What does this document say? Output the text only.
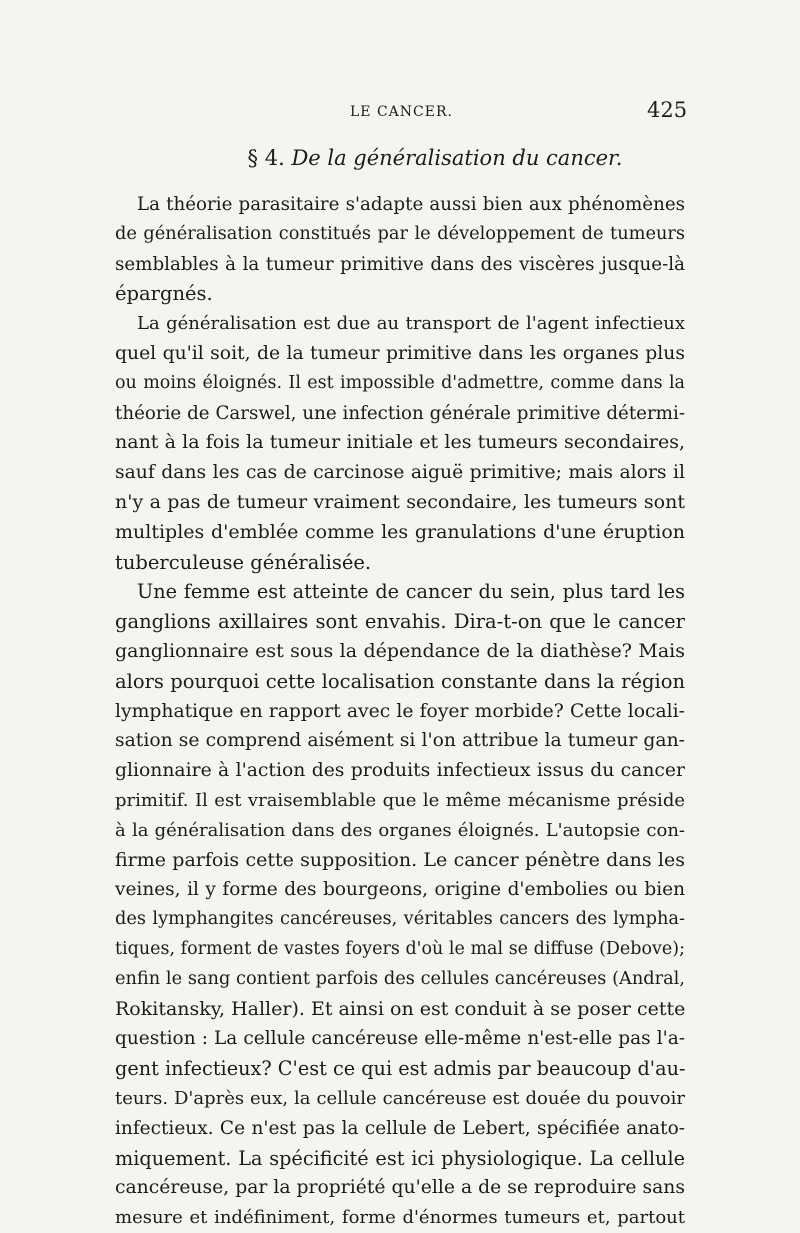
LE CANCER.	425
§ 4. De la généralisation du cancer.
La théorie parasitaire s'adapte aussi bien aux phénomènes
de généralisation constitués par le développement de tumeurs
semblables à la tumeur primitive dans des viscères jusque-là
épargnés.
La généralisation est due au transport de l'agent infectieux
quel qu'il soit, de la tumeur primitive dans les organes plus
ou moins éloignés. Il est impossible d'admettre, comme dans la
théorie de Carswel, une infection générale primitive détermi-
nant à la fois la tumeur initiale et les tumeurs secondaires,
sauf dans les cas de carcinose aiguë primitive; mais alors il
n'y a pas de tumeur vraiment secondaire, les tumeurs sont
multiples d'emblée comme les granulations d'une éruption
tuberculeuse généralisée.
Une femme est atteinte de cancer du sein, plus tard les
ganglions axillaires sont envahis. Dira-t-on que le cancer
ganglionnaire est sous la dépendance de la diathèse? Mais
alors pourquoi cette localisation constante dans la région
lymphatique en rapport avec le foyer morbide? Cette locali-
sation se comprend aisément si l'on attribue la tumeur gan-
glionnaire à l'action des produits infectieux issus du cancer
primitif. Il est vraisemblable que le même mécanisme préside
à la généralisation dans des organes éloignés. L'autopsie con-
firme parfois cette supposition. Le cancer pénètre dans les
veines, il y forme des bourgeons, origine d'embolies ou bien
des lymphangites cancéreuses, véritables cancers des lympha-
tiques, forment de vastes foyers d'où le mal se diffuse (Debove);
enfin le sang contient parfois des cellules cancéreuses (Andral,
Rokitansky, Haller). Et ainsi on est conduit à se poser cette
question : La cellule cancéreuse elle-même n'est-elle pas l'a-
gent infectieux? C'est ce qui est admis par beaucoup d'au-
teurs. D'après eux, la cellule cancéreuse est douée du pouvoir
infectieux. Ce n'est pas la cellule de Lebert, spécifiée anato-
miquement. La spécificité est ici physiologique. La cellule
cancéreuse, par la propriété qu'elle a de se reproduire sans
mesure et indéfiniment, forme d'énormes tumeurs et, partout
